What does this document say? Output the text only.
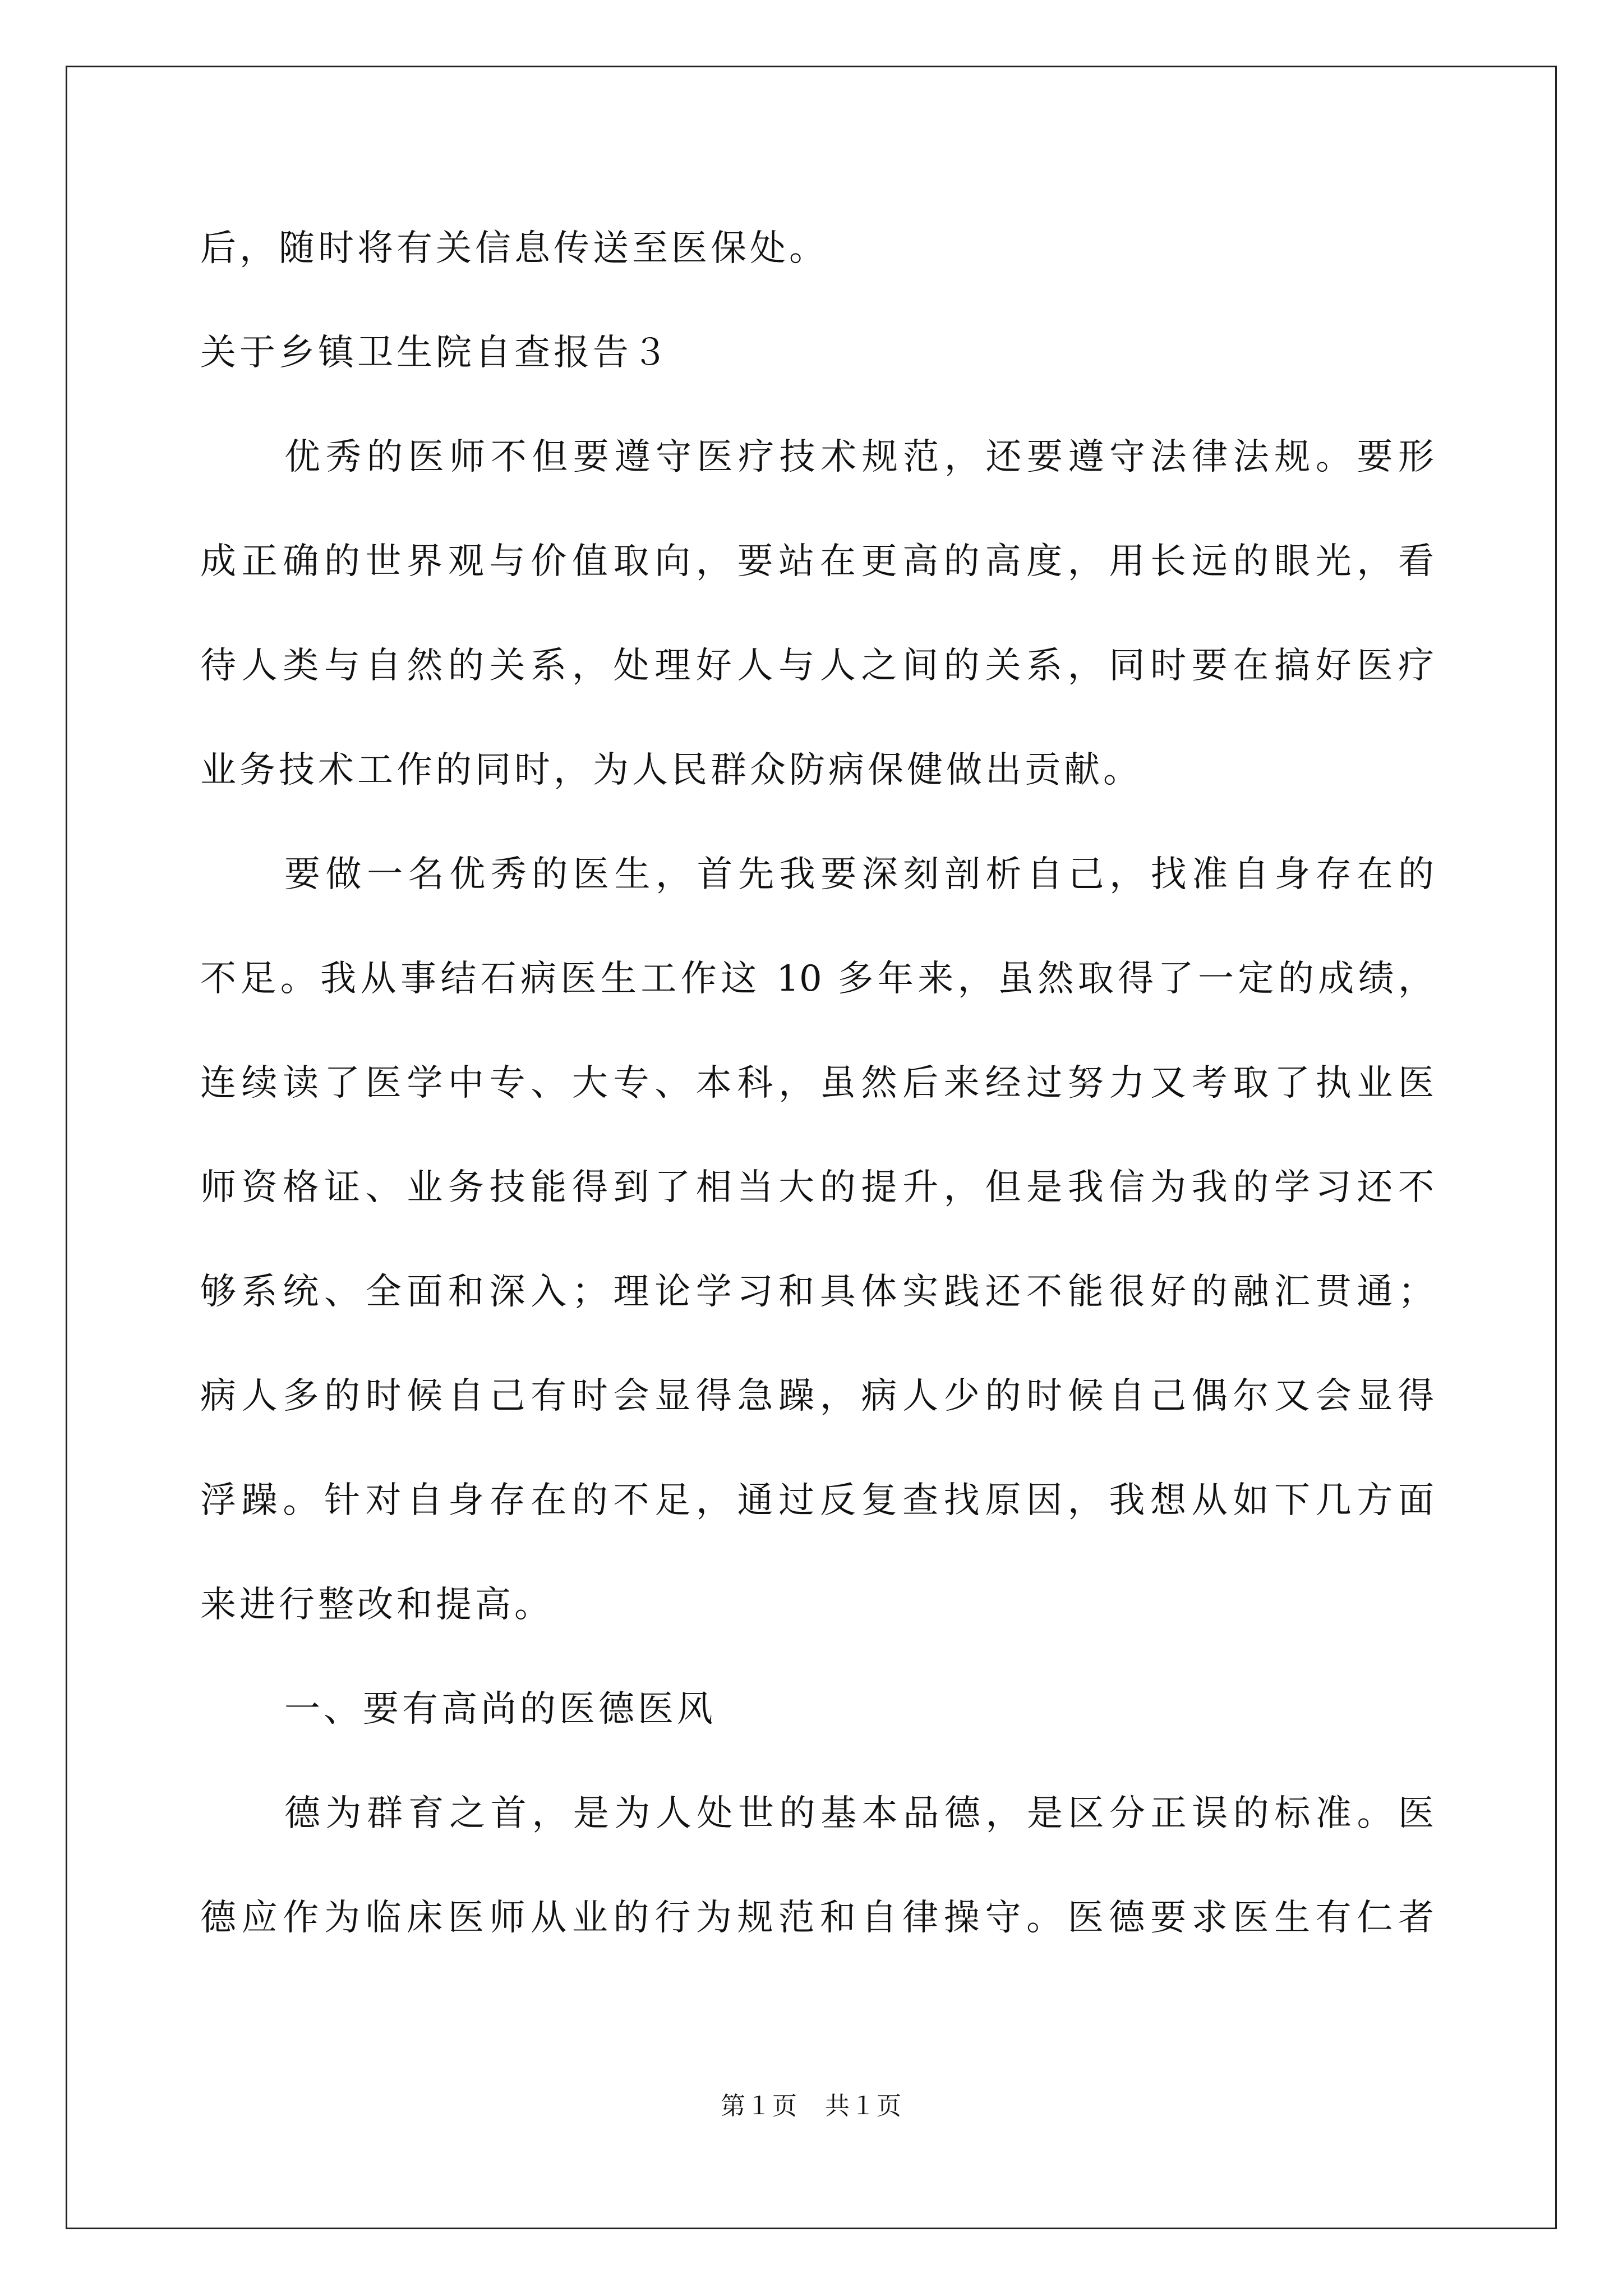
后，随时将有关信息传送至医保处。

关于乡镇卫生院自查报告３

优秀的医师不但要遵守医疗技术规范，还要遵守法律法规。要形

成正确的世界观与价值取向，要站在更高的高度，用长远的眼光，看

待人类与自然的关系，处理好人与人之间的关系，同时要在搞好医疗

业务技术工作的同时，为人民群众防病保健做出贡献。

要做一名优秀的医生，首先我要深刻剖析自己，找准自身存在的

不足。我从事结石病医生工作这 10 多年来，虽然取得了一定的成绩，

连续读了医学中专、大专、本科，虽然后来经过努力又考取了执业医

师资格证、业务技能得到了相当大的提升，但是我信为我的学习还不

够系统、全面和深入；理论学习和具体实践还不能很好的融汇贯通；

病人多的时候自己有时会显得急躁，病人少的时候自己偶尔又会显得

浮躁。针对自身存在的不足，通过反复查找原因，我想从如下几方面

来进行整改和提高。

一、要有高尚的医德医风

德为群育之首，是为人处世的基本品德，是区分正误的标准。医

德应作为临床医师从业的行为规范和自律操守。医德要求医生有仁者

第１页 共１页
